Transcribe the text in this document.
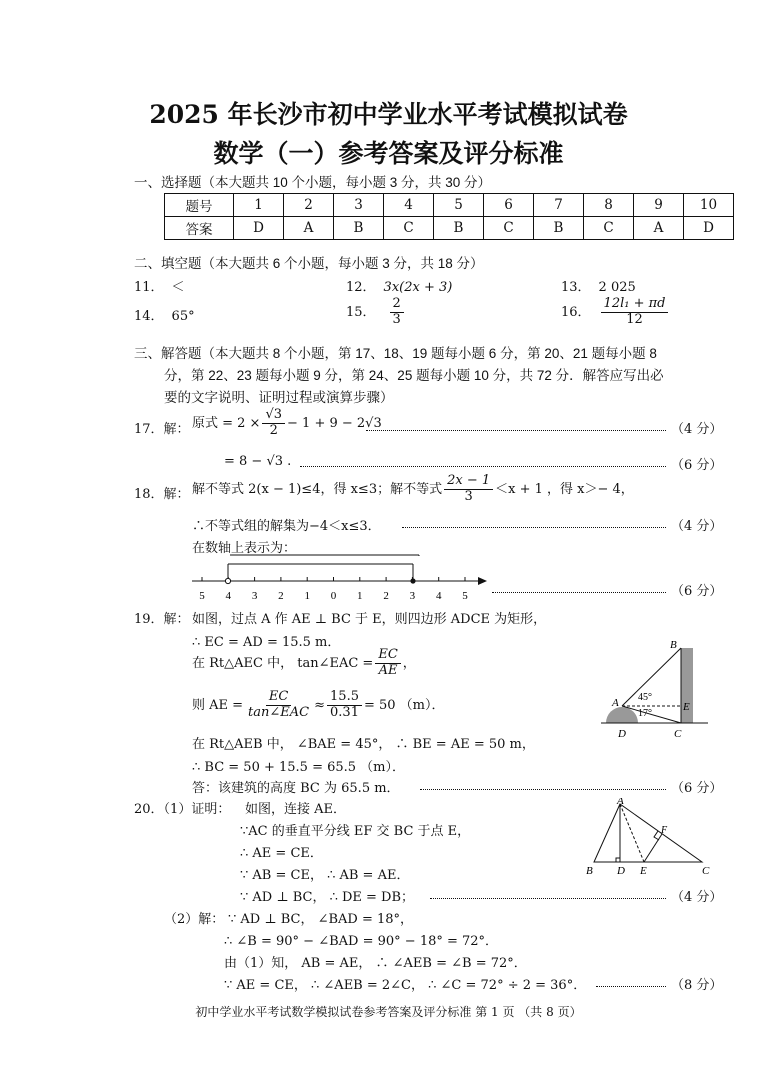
2025 年长沙市初中学业水平考试模拟试卷
数学（一）参考答案及评分标准
一、选择题（本大题共 10 个小题，每小题 3 分，共 30 分）
题号	1	2	3	4	5	6	7	8	9	10
答案	D	A	B	C	B	C	B	C	A	D
二、填空题（本大题共 6 个小题，每小题 3 分，共 18 分）
11． ＜	12． 3x(2x + 3)	13． 2 025
14． 65°	15． $\frac{2}{3}$	16． $\frac{\text{12l₁ + πd}}{12}$
三、解答题（本大题共 8 个小题，第 17、18、19 题每小题 6 分，第 20、21 题每小题 8
分，第 22、23 题每小题 9 分，第 24、25 题每小题 10 分，共 72 分．解答应写出必
要的文字说明、证明过程或演算步骤）
17．解： 原式 = $2 \times \frac{√3}{2} - 1 + 9 - 2√3$	（4 分）
= 8 − √3 .	（6 分）
18．解： 解不等式 2(x − 1)≤4，得 x≤3；解不等式 $\frac{2x - 1}{3} <x + 1$ ，得 x＞− 4，
∴不等式组的解集为−4＜x≤3．	（4 分）
在数轴上表示为：
5 4 3 2 1 0 1 2 3 4 5	（6 分）
19．解： 如图，过点 A 作 AE ⊥ BC 于 E，则四边形 ADCE 为矩形，
∴ EC = AD = 15.5 m．
在 Rt△AEC 中， tan∠EAC = $\frac{EC}{AE}$ ，
则 AE = $\frac{EC}{\text{tan∠EAC}} \approx \frac{15.5}{0.31} = 50$ （m）．
在 Rt△AEB 中， ∠BAE = 45°， ∴ BE = AE = 50 m，
∴ BC = 50 + 15.5 = 65.5 （m）．
答：该建筑的高度 BC 为 65.5 m．	（6 分）
B
A	E
D	C
45°
17°
20．（1）证明： 如图，连接 AE．
∵AC 的垂直平分线 EF 交 BC 于点 E，
∴ AE = CE．
∵ AB = CE， ∴ AB = AE．
∵ AD ⊥ BC， ∴ DE = DB；	（4 分）
A
F
B D E	C
（2）解： ∵ AD ⊥ BC， ∠BAD = 18°，
∴ ∠B = 90° − ∠BAD = 90° − 18° = 72°．
由（1）知， AB = AE， ∴ ∠AEB = ∠B = 72°．
∵ AE = CE， ∴ ∠AEB = 2∠C， ∴ ∠C = 72° ÷ 2 = 36°．	（8 分）
初中学业水平考试数学模拟试卷参考答案及评分标准 第 1 页 （共 8 页）
